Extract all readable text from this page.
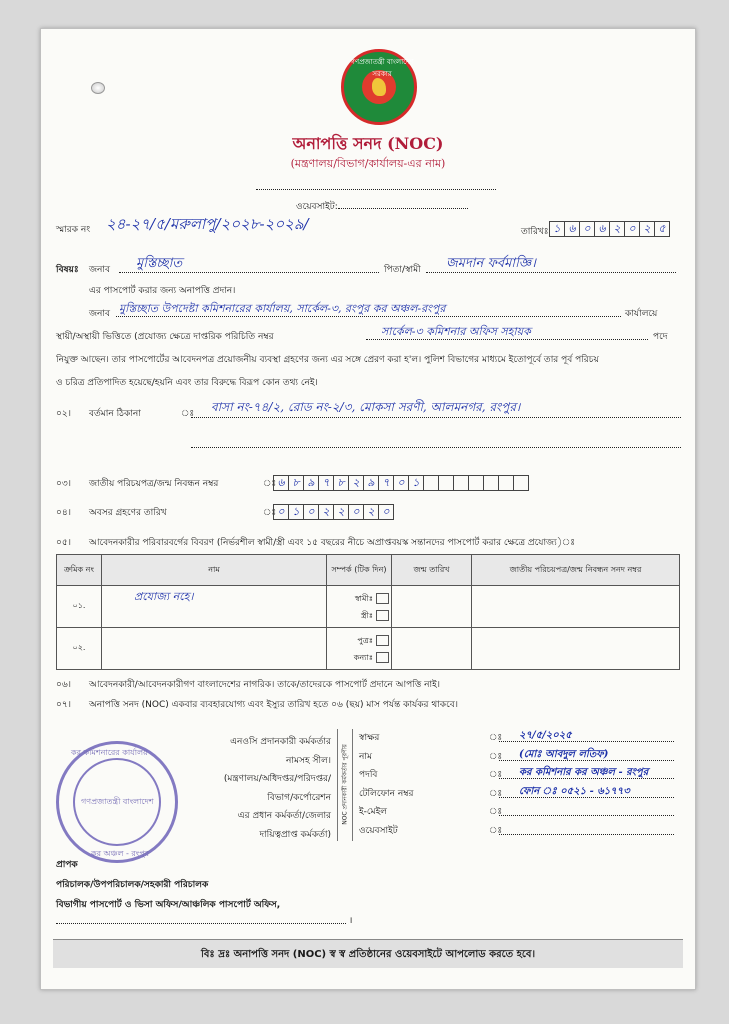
গণপ্রজাতন্ত্রী বাংলাদেশ সরকার
অনাপত্তি সনদ (NOC)
(মন্ত্রণালয়/বিভাগ/কার্যালয়-এর নাম)
ওয়েবসাইট:
স্মারক নং ২৪-২৭/৫/মরুলাপু/২০২৮-২০২৯/	তারিখঃ ১ ৬ ০ ৬ ২ ০ ২ ৫
বিষয়ঃ জনাব মুস্তিচ্ছাত	পিতা/স্বামী জমদান ফর্বমাজ্ঞি।
এর পাসপোর্ট করার জন্য অনাপত্তি প্রদান।
জনাব মুস্তিচ্ছাত উপদেষ্টা কমিশনারের কার্যালয়, সার্কেল-৩, রংপুর কর অঞ্চল-রংপুর	কার্যালয়ে
স্থায়ী/অস্থায়ী ভিত্তিতে (প্রযোজ্য ক্ষেত্রে দাপ্তরিক পরিচিতি নম্বর	সার্কেল-৩ কমিশনার অফিস সহায়ক	পদে
নিযুক্ত আছেন। তার পাসপোর্টের আবেদনপত্র প্রয়োজনীয় ব্যবস্থা গ্রহণের জন্য এর সঙ্গে প্রেরণ করা হ'ল। পুলিশ বিভাগের মাধ্যমে ইতোপূর্বে তার পূর্ব পরিচয়
ও চরিত্র প্রতিপাদিত হয়েছে/হয়নি এবং তার বিরুদ্ধে বিরূপ কোন তথ্য নেই।
০২। বর্তমান ঠিকানা	ঃ বাসা নং-৭৪/২, রোড নং-২/৩, মোকসা সরণী, আলমনগর, রংপুর।
০৩। জাতীয় পরিচয়পত্র/জন্ম নিবন্ধন নম্বর	ঃ ৬ ৮ ৯ ৭ ৮ ২ ৯ ৭ ০ ১
০৪। অবসর গ্রহণের তারিখ	ঃ ০ ১ ০ ২ ২ ০ ২ ০
০৫। আবেদনকারীর পরিবারবর্গের বিবরণ (নির্ভরশীল স্বামী/স্ত্রী এবং ১৫ বছরের নীচে অপ্রাপ্তবয়স্ক সন্তানদের পাসপোর্ট করার ক্ষেত্রে প্রযোজ্য)ঃ
ক্রমিক নং	নাম	সম্পর্ক (টিক দিন)	জন্ম তারিখ	জাতীয় পরিচয়পত্র/জন্ম নিবন্ধন সনদ নম্বর
০১.	প্রযোজ্য নহে।	স্বামীঃ
স্ত্রীঃ		
০২.		পুত্রঃ
কন্যাঃ		
০৬। আবেদনকারী/আবেদনকারীগণ বাংলাদেশের নাগরিক। তাকে/তাদেরকে পাসপোর্ট প্রদানে আপত্তি নাই।
০৭। অনাপত্তি সনদ (NOC) একবার ব্যবহারযোগ্য এবং ইস্যুর তারিখ হতে ০৬ (ছয়) মাস পর্যন্ত কার্যকর থাকবে।
কর কমিশনারের কার্যালয়
গণপ্রজাতন্ত্রী বাংলাদেশ
কর অঞ্চল - রংপুর
এনওসি প্রদানকারী কর্মকর্তার
নামসহ সীল।
(মন্ত্রণালয়/অধিদপ্তর/পরিদপ্তর/
বিভাগ/কর্পোরেশন
এর প্রধান কর্মকর্তা/জেলার
দায়িত্বপ্রাপ্ত কর্মকর্তা)
NOC প্রদানকারী কর্মকর্তার পূরণীয়
স্বাক্ষর	ঃ ২৭/৫/২০২৫
নাম	ঃ (মোঃ আবদুল লতিফ)
পদবি	ঃ কর কমিশনার কর অঞ্চল - রংপুর
টেলিফোন নম্বর	ঃ ফোন ঃ ০৫২১ - ৬১৭৭৩
ই-মেইল	ঃ
ওয়েবসাইট	ঃ
প্রাপক
পরিচালক/উপপরিচালক/সহকারী পরিচালক
বিভাগীয় পাসপোর্ট ও ভিসা অফিস/আঞ্চলিক পাসপোর্ট অফিস,
।
বিঃ দ্রঃ অনাপত্তি সনদ (NOC) স্ব স্ব প্রতিষ্ঠানের ওয়েবসাইটে আপলোড করতে হবে।
